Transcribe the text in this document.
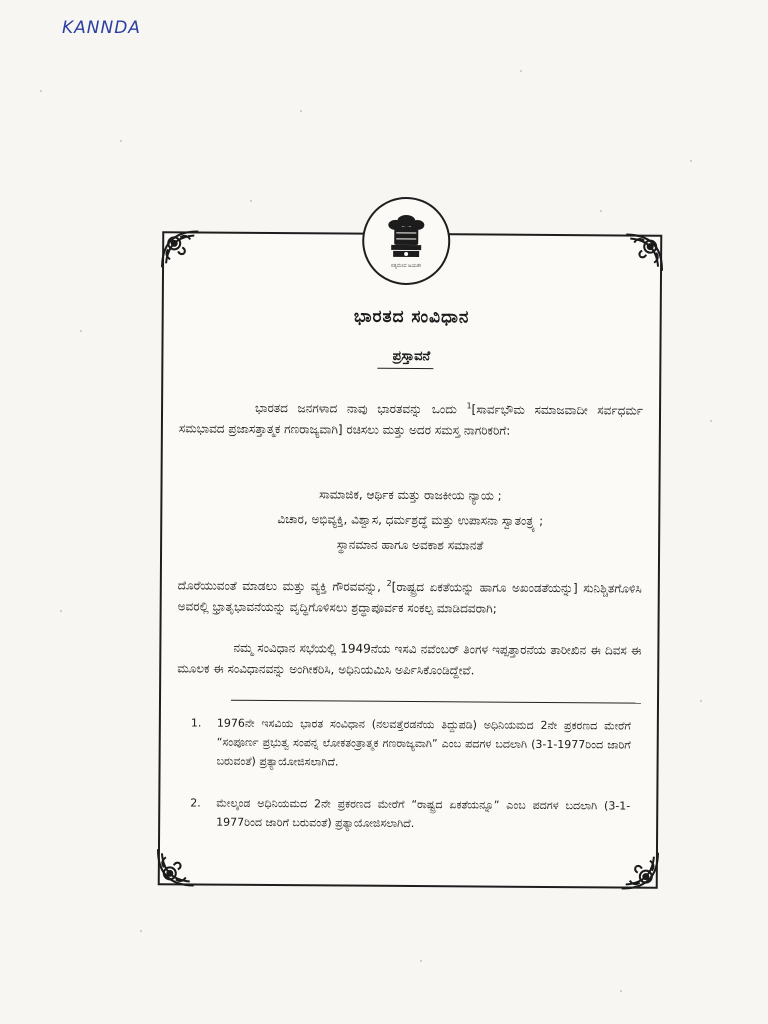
KANNDA
ಸತ್ಯಮೇವ ಜಯತೇ
ಭಾರತದ ಸಂವಿಧಾನ
ಪ್ರಸ್ತಾವನೆ
ಭಾರತದ ಜನಗಳಾದ ನಾವು ಭಾರತವನ್ನು ಒಂದು $^1$[ಸಾರ್ವಭೌಮ ಸಮಾಜವಾದೀ ಸರ್ವಧರ್ಮ ಸಮಭಾವದ ಪ್ರಜಾಸತ್ತಾತ್ಮಕ ಗಣರಾಜ್ಯವಾಗಿ] ರಚಿಸಲು ಮತ್ತು ಅದರ ಸಮಸ್ತ ನಾಗರಿಕರಿಗೆ:
ಸಾಮಾಜಿಕ, ಆರ್ಥಿಕ ಮತ್ತು ರಾಜಕೀಯ ನ್ಯಾಯ ;
ವಿಚಾರ, ಅಭಿವ್ಯಕ್ತಿ, ವಿಶ್ವಾಸ, ಧರ್ಮಶ್ರದ್ಧೆ ಮತ್ತು ಉಪಾಸನಾ ಸ್ವಾತಂತ್ರ್ಯ ;
ಸ್ಥಾನಮಾನ ಹಾಗೂ ಅವಕಾಶ ಸಮಾನತೆ
ದೊರೆಯುವಂತೆ ಮಾಡಲು ಮತ್ತು ವ್ಯಕ್ತಿ ಗೌರವವನ್ನು, $^2$[ರಾಷ್ಟ್ರದ ಏಕತೆಯನ್ನು ಹಾಗೂ ಅಖಂಡತೆಯನ್ನು] ಸುನಿಶ್ಚಿತಗೊಳಿಸಿ ಅವರಲ್ಲಿ ಭ್ರಾತೃಭಾವನೆಯನ್ನು ವೃದ್ಧಿಗೊಳಿಸಲು ಶ್ರದ್ಧಾಪೂರ್ವಕ ಸಂಕಲ್ಪ ಮಾಡಿದವರಾಗಿ;
ನಮ್ಮ ಸಂವಿಧಾನ ಸಭೆಯಲ್ಲಿ 1949ನೆಯ ಇಸವಿ ನವೆಂಬರ್ ತಿಂಗಳ ಇಪ್ಪತ್ತಾರನೆಯ ತಾರೀಖಿನ ಈ ದಿವಸ ಈ ಮೂಲಕ ಈ ಸಂವಿಧಾನವನ್ನು ಅಂಗೀಕರಿಸಿ, ಅಧಿನಿಯಮಿಸಿ ಅರ್ಪಿಸಿಕೊಂಡಿದ್ದೇವೆ.
1. 1976ನೇ ಇಸವಿಯ ಭಾರತ ಸಂವಿಧಾನ (ನಲವತ್ತೆರಡನೆಯ ತಿದ್ದುಪಡಿ) ಅಧಿನಿಯಮದ 2ನೇ ಪ್ರಕರಣದ ಮೇರೆಗೆ “ಸಂಪೂರ್ಣ ಪ್ರಭುತ್ವ ಸಂಪನ್ನ ಲೋಕತಂತ್ರಾತ್ಮಕ ಗಣರಾಜ್ಯವಾಗಿ” ಎಂಬ ಪದಗಳ ಬದಲಾಗಿ (3-1-1977ರಿಂದ ಜಾರಿಗೆ ಬರುವಂತೆ) ಪ್ರತ್ಯಾಯೋಜಿಸಲಾಗಿದೆ.
2. ಮೇಲ್ಕಂಡ ಅಧಿನಿಯಮದ 2ನೇ ಪ್ರಕರಣದ ಮೇರೆಗೆ “ರಾಷ್ಟ್ರದ ಏಕತೆಯನ್ನೂ” ಎಂಬ ಪದಗಳ ಬದಲಾಗಿ (3-1-1977ರಿಂದ ಜಾರಿಗೆ ಬರುವಂತೆ) ಪ್ರತ್ಯಾಯೋಜಿಸಲಾಗಿದೆ.
